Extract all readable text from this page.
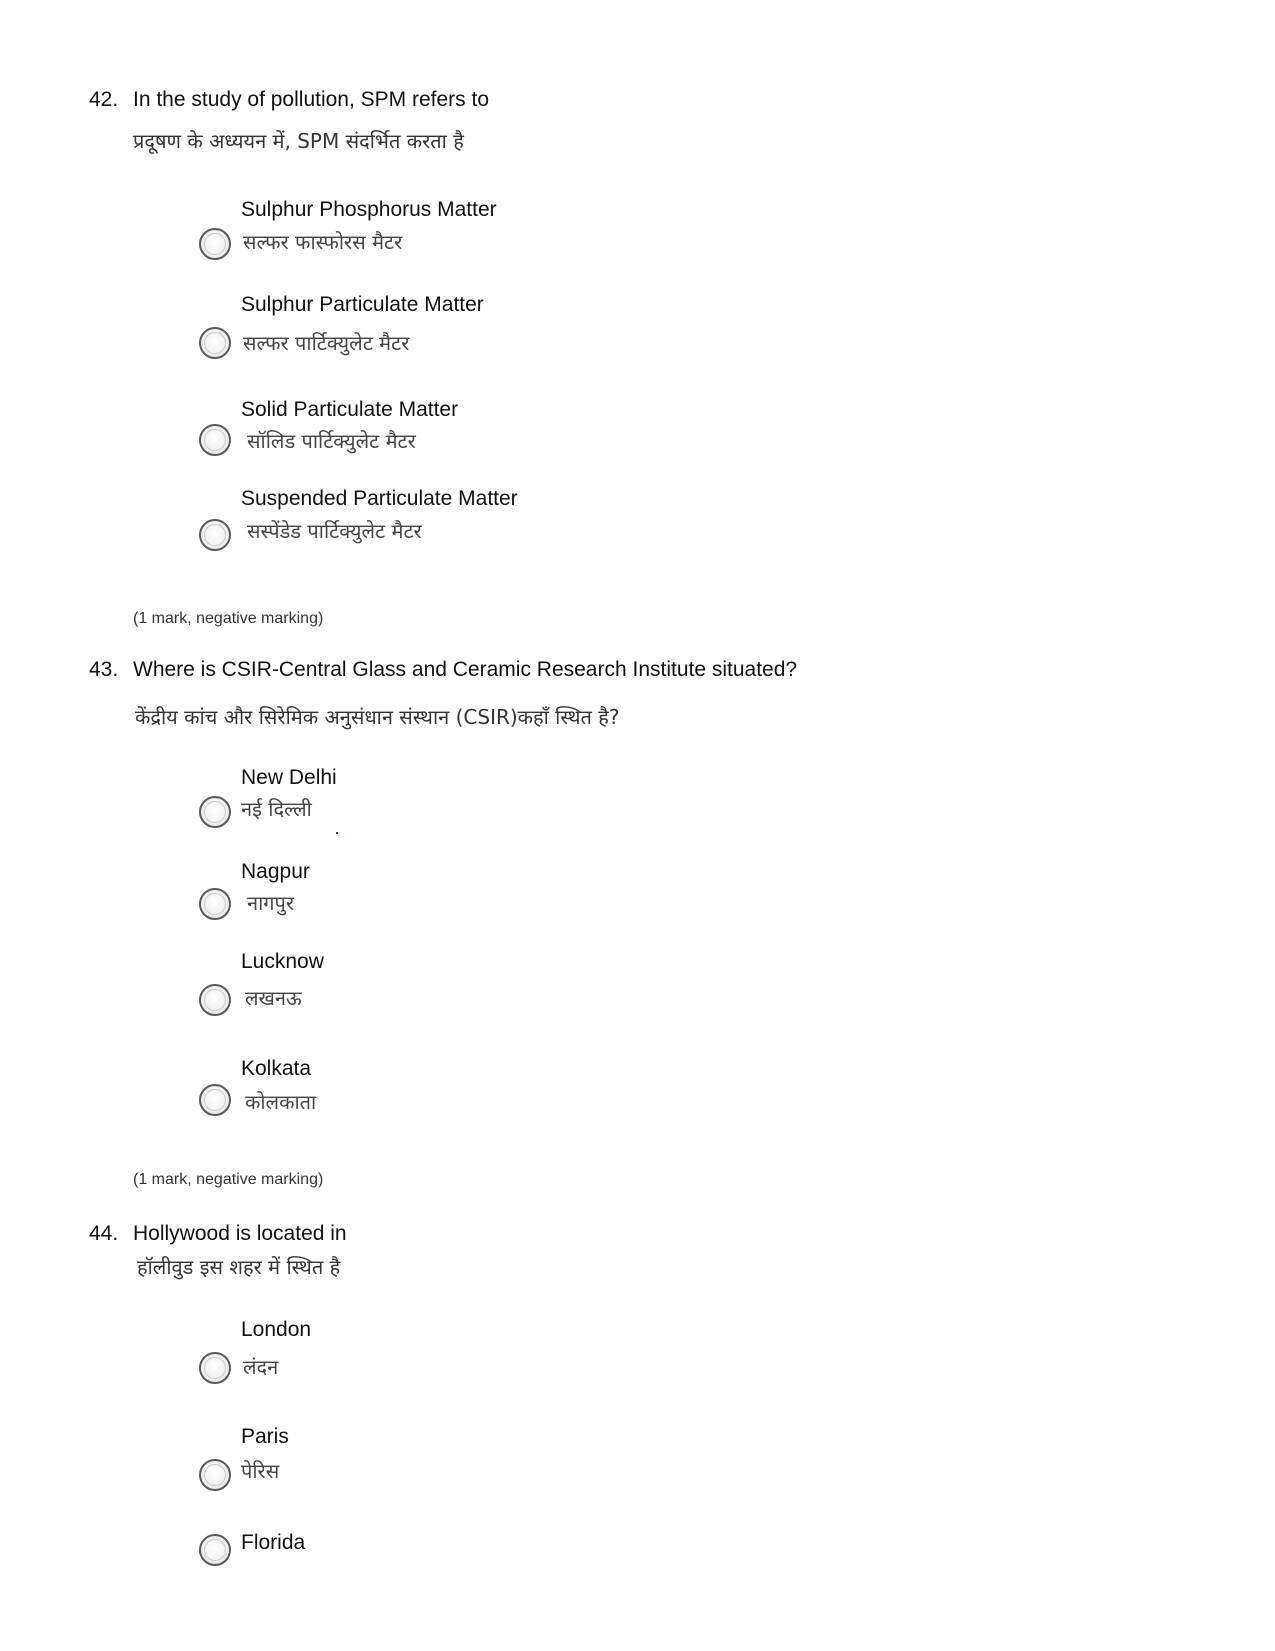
42. In the study of pollution, SPM refers to
प्रदूषण के अध्ययन में, SPM संदर्भित करता है
Sulphur Phosphorus Matter
सल्फर फास्फोरस मैटर
Sulphur Particulate Matter
सल्फर पार्टिक्युलेट मैटर
Solid Particulate Matter
सॉलिड पार्टिक्युलेट मैटर
Suspended Particulate Matter
सस्पेंडेड पार्टिक्युलेट मैटर
(1 mark, negative marking)
43. Where is CSIR-Central Glass and Ceramic Research Institute situated?
केंद्रीय कांच और सिरेमिक अनुसंधान संस्थान (CSIR)कहाँ स्थित है?
New Delhi
नई दिल्ली
Nagpur
नागपुर
Lucknow
लखनऊ
Kolkata
कोलकाता
(1 mark, negative marking)
44. Hollywood is located in
हॉलीवुड इस शहर में स्थित है
London
लंदन
Paris
पेरिस
Florida
